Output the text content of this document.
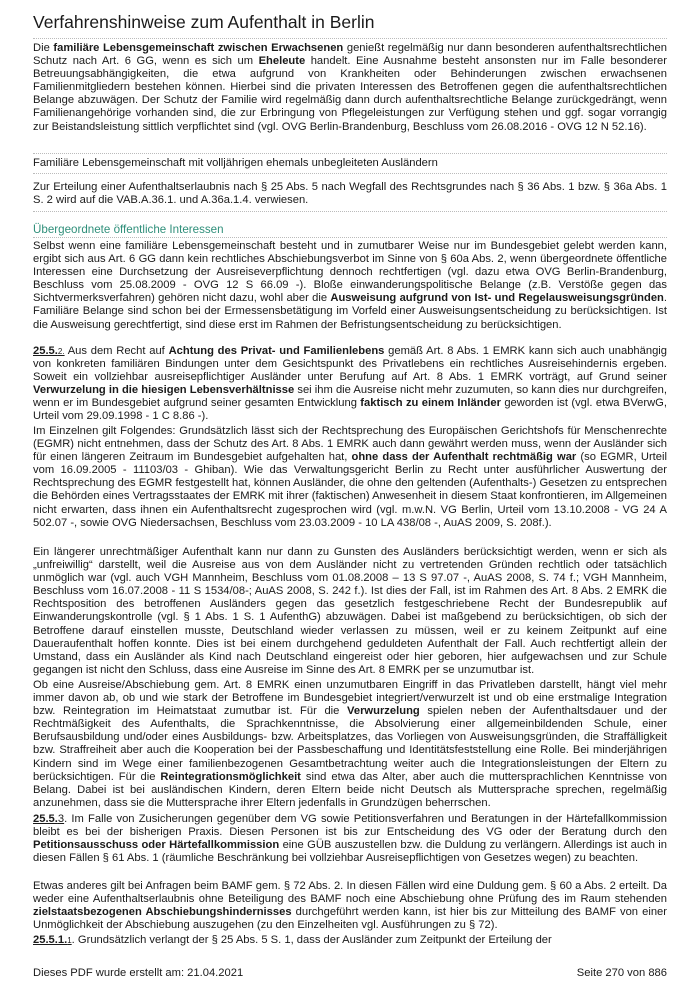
Verfahrenshinweise zum Aufenthalt in Berlin

Die familiäre Lebensgemeinschaft zwischen Erwachsenen genießt regelmäßig nur dann besonderen aufenthaltsrechtlichen Schutz nach Art. 6 GG, wenn es sich um Eheleute handelt. Eine Ausnahme besteht ansonsten nur im Falle besonderer Betreuungsabhängigkeiten, die etwa aufgrund von Krankheiten oder Behinderungen zwischen erwachsenen Familienmitgliedern bestehen können. Hierbei sind die privaten Interessen des Betroffenen gegen die aufenthaltsrechtlichen Belange abzuwägen. Der Schutz der Familie wird regelmäßig dann durch aufenthaltsrechtliche Belange zurückgedrängt, wenn Familienangehörige vorhanden sind, die zur Erbringung von Pflegeleistungen zur Verfügung stehen und ggf. sogar vorrangig zur Beistandsleistung sittlich verpflichtet sind (vgl. OVG Berlin-Brandenburg, Beschluss vom 26.08.2016 - OVG 12 N 52.16).

Familiäre Lebensgemeinschaft mit volljährigen ehemals unbegleiteten Ausländern

Zur Erteilung einer Aufenthaltserlaubnis nach § 25 Abs. 5 nach Wegfall des Rechtsgrundes nach § 36 Abs. 1 bzw. § 36a Abs. 1 S. 2 wird auf die VAB.A.36.1. und A.36a.1.4. verwiesen.

Übergeordnete öffentliche Interessen

Selbst wenn eine familiäre Lebensgemeinschaft besteht und in zumutbarer Weise nur im Bundesgebiet gelebt werden kann, ergibt sich aus Art. 6 GG dann kein rechtliches Abschiebungsverbot im Sinne von § 60a Abs. 2, wenn übergeordnete öffentliche Interessen eine Durchsetzung der Ausreiseverpflichtung dennoch rechtfertigen (vgl. dazu etwa OVG Berlin-Brandenburg, Beschluss vom 25.08.2009 - OVG 12 S 66.09 -). Bloße einwanderungspolitische Belange (z.B. Verstöße gegen das Sichtvermerksverfahren) gehören nicht dazu, wohl aber die Ausweisung aufgrund von Ist- und Regelausweisungsgründen. Familiäre Belange sind schon bei der Ermessensbetätigung im Vorfeld einer Ausweisungsentscheidung zu berücksichtigen. Ist die Ausweisung gerechtfertigt, sind diese erst im Rahmen der Befristungsentscheidung zu berücksichtigen.

25.5.2. Aus dem Recht auf Achtung des Privat- und Familienlebens gemäß Art. 8 Abs. 1 EMRK kann sich auch unabhängig von konkreten familiären Bindungen unter dem Gesichtspunkt des Privatlebens ein rechtliches Ausreisehindernis ergeben. Soweit ein vollziehbar ausreisepflichtiger Ausländer unter Berufung auf Art. 8 Abs. 1 EMRK vorträgt, auf Grund seiner Verwurzelung in die hiesigen Lebensverhältnisse sei ihm die Ausreise nicht mehr zuzumuten, so kann dies nur durchgreifen, wenn er im Bundesgebiet aufgrund seiner gesamten Entwicklung faktisch zu einem Inländer geworden ist (vgl. etwa BVerwG, Urteil vom 29.09.1998 - 1 C 8.86 -).

Im Einzelnen gilt Folgendes: Grundsätzlich lässt sich der Rechtsprechung des Europäischen Gerichtshofs für Menschenrechte (EGMR) nicht entnehmen, dass der Schutz des Art. 8 Abs. 1 EMRK auch dann gewährt werden muss, wenn der Ausländer sich für einen längeren Zeitraum im Bundesgebiet aufgehalten hat, ohne dass der Aufenthalt rechtmäßig war (so EGMR, Urteil vom 16.09.2005 - 11103/03 - Ghiban). Wie das Verwaltungsgericht Berlin zu Recht unter ausführlicher Auswertung der Rechtsprechung des EGMR festgestellt hat, können Ausländer, die ohne den geltenden (Aufenthalts-) Gesetzen zu entsprechen die Behörden eines Vertragsstaates der EMRK mit ihrer (faktischen) Anwesenheit in diesem Staat konfrontieren, im Allgemeinen nicht erwarten, dass ihnen ein Aufenthaltsrecht zugesprochen wird (vgl. m.w.N. VG Berlin, Urteil vom 13.10.2008 - VG 24 A 502.07 -, sowie OVG Niedersachsen, Beschluss vom 23.03.2009 - 10 LA 438/08 -, AuAS 2009, S. 208f.).

Ein längerer unrechtmäßiger Aufenthalt kann nur dann zu Gunsten des Ausländers berücksichtigt werden, wenn er sich als „unfreiwillig“ darstellt, weil die Ausreise aus von dem Ausländer nicht zu vertretenden Gründen rechtlich oder tatsächlich unmöglich war (vgl. auch VGH Mannheim, Beschluss vom 01.08.2008 – 13 S 97.07 -, AuAS 2008, S. 74 f.; VGH Mannheim, Beschluss vom 16.07.2008 - 11 S 1534/08-; AuAS 2008, S. 242 f.). Ist dies der Fall, ist im Rahmen des Art. 8 Abs. 2 EMRK die Rechtsposition des betroffenen Ausländers gegen das gesetzlich festgeschriebene Recht der Bundesrepublik auf Einwanderungskontrolle (vgl. § 1 Abs. 1 S. 1 AufenthG) abzuwägen. Dabei ist maßgebend zu berücksichtigen, ob sich der Betroffene darauf einstellen musste, Deutschland wieder verlassen zu müssen, weil er zu keinem Zeitpunkt auf eine Daueraufenthalt hoffen konnte. Dies ist bei einem durchgehend geduldeten Aufenthalt der Fall. Auch rechtfertigt allein der Umstand, dass ein Ausländer als Kind nach Deutschland eingereist oder hier geboren, hier aufgewachsen und zur Schule gegangen ist nicht den Schluss, dass eine Ausreise im Sinne des Art. 8 EMRK per se unzumutbar ist.

Ob eine Ausreise/Abschiebung gem. Art. 8 EMRK einen unzumutbaren Eingriff in das Privatleben darstellt, hängt viel mehr immer davon ab, ob und wie stark der Betroffene im Bundesgebiet integriert/verwurzelt ist und ob eine erstmalige Integration bzw. Reintegration im Heimatstaat zumutbar ist. Für die Verwurzelung spielen neben der Aufenthaltsdauer und der Rechtmäßigkeit des Aufenthalts, die Sprachkenntnisse, die Absolvierung einer allgemeinbildenden Schule, einer Berufsausbildung und/oder eines Ausbildungs- bzw. Arbeitsplatzes, das Vorliegen von Ausweisungsgründen, die Straffälligkeit bzw. Straffreiheit aber auch die Kooperation bei der Passbeschaffung und Identitätsfeststellung eine Rolle. Bei minderjährigen Kindern sind im Wege einer familienbezogenen Gesamtbetrachtung weiter auch die Integrationsleistungen der Eltern zu berücksichtigen. Für die Reintegrationsmöglichkeit sind etwa das Alter, aber auch die muttersprachlichen Kenntnisse von Belang. Dabei ist bei ausländischen Kindern, deren Eltern beide nicht Deutsch als Muttersprache sprechen, regelmäßig anzunehmen, dass sie die Muttersprache ihrer Eltern jedenfalls in Grundzügen beherrschen.

25.5.3. Im Falle von Zusicherungen gegenüber dem VG sowie Petitionsverfahren und Beratungen in der Härtefallkommission bleibt es bei der bisherigen Praxis. Diesen Personen ist bis zur Entscheidung des VG oder der Beratung durch den Petitionsausschuss oder Härtefallkommission eine GÜB auszustellen bzw. die Duldung zu verlängern. Allerdings ist auch in diesen Fällen § 61 Abs. 1 (räumliche Beschränkung bei vollziehbar Ausreisepflichtigen von Gesetzes wegen) zu beachten.

Etwas anderes gilt bei Anfragen beim BAMF gem. § 72 Abs. 2. In diesen Fällen wird eine Duldung gem. § 60 a Abs. 2 erteilt. Da weder eine Aufenthaltserlaubnis ohne Beteiligung des BAMF noch eine Abschiebung ohne Prüfung des im Raum stehenden zielstaatsbezogenen Abschiebungshindernisses durchgeführt werden kann, ist hier bis zur Mitteilung des BAMF von einer Unmöglichkeit der Abschiebung auszugehen (zu den Einzelheiten vgl. Ausführungen zu § 72).

25.5.1.1. Grundsätzlich verlangt der § 25 Abs. 5 S. 1, dass der Ausländer zum Zeitpunkt der Erteilung der

Dieses PDF wurde erstellt am: 21.04.2021	Seite 270 von 886
